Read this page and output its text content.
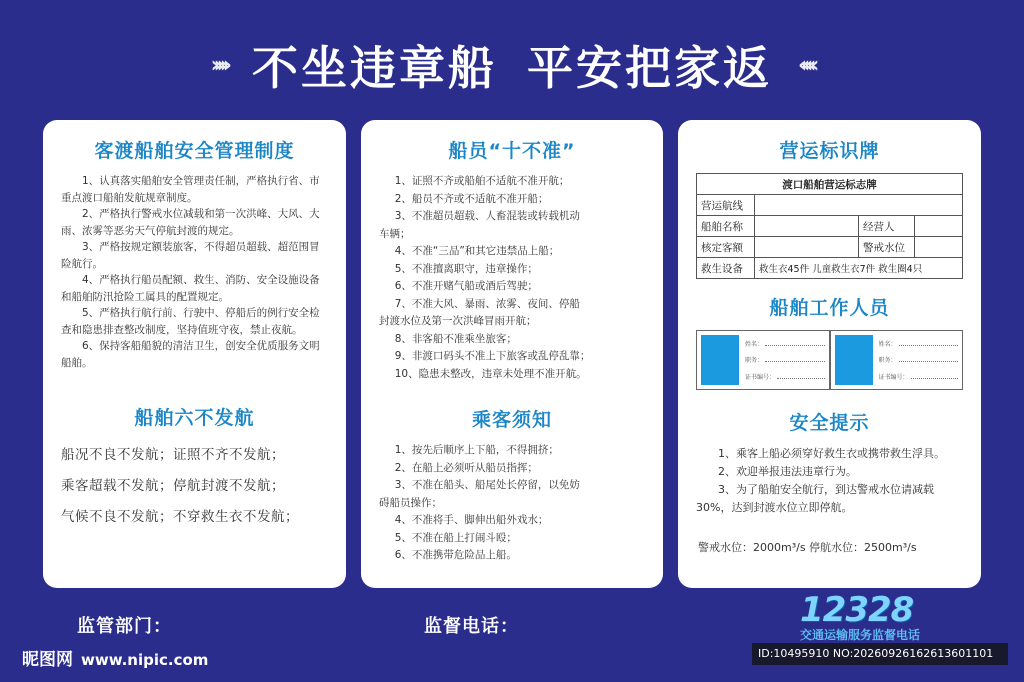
››››› 不坐违章船 平安把家返 ‹‹‹‹‹
客渡船舶安全管理制度

1、认真落实船舶安全管理责任制，严格执行省、市重点渡口船舶发航规章制度。

2、严格执行警戒水位减载和第一次洪峰、大风、大雨、浓雾等恶劣天气停航封渡的规定。

3、严格按规定额装旅客，不得超员超载、超范围冒险航行。

4、严格执行船员配额、救生、消防、安全设施设备和船舶防汛抢险工属具的配置规定。

5、严格执行航行前、行驶中、停船后的例行安全检查和隐患排查整改制度，坚持值班守夜，禁止夜航。

6、保持客船船貌的清洁卫生，创安全优质服务文明船舶。

船舶六不发航
船况不良不发航；证照不齐不发航；
乘客超载不发航；停航封渡不发航；
气候不良不发航；不穿救生衣不发航；
船员“十不准”
1、证照不齐或船舶不适航不准开航；
2、船员不齐或不适航不准开船；
3、不准超员超载、人畜混装或转载机动
车辆；
4、不准“三品”和其它违禁品上船；
5、不准擅离职守，违章操作；
6、不准开赌气船或酒后驾驶；
7、不准大风、暴雨、浓雾、夜间、停船
封渡水位及第一次洪峰冒雨开航；
8、非客船不准乘坐旅客；
9、非渡口码头不准上下旅客或乱停乱靠；
10、隐患未整改，违章未处理不准开航。
乘客须知
1、按先后顺序上下船，不得拥挤；
2、在船上必须听从船员指挥；
3、不准在船头、船尾处长停留，以免妨
碍船员操作；
4、不准将手、脚伸出船外戏水；
5、不准在船上打闹斗殴；
6、不准携带危险品上船。
营运标识牌
渡口船舶营运标志牌			
营运航线			
船舶名称		经营人	
核定客额		警戒水位	
救生设备	救生衣45件 儿童救生衣7件 救生圈4只		
船舶工作人员
姓名：
职务：
证书编号：
姓名：
职务：
证书编号：
安全提示

1、乘客上船必须穿好救生衣或携带救生浮具。

2、欢迎举报违法违章行为。

3、为了船舶安全航行，到达警戒水位请减载30%，达到封渡水位立即停航。

警戒水位：2000m³/s 停航水位：2500m³/s
监管部门：	监督电话：	12328
交通运输服务监督电话
昵图网 www.nipic.com	ID:10495910 NO:20260926162613601101
